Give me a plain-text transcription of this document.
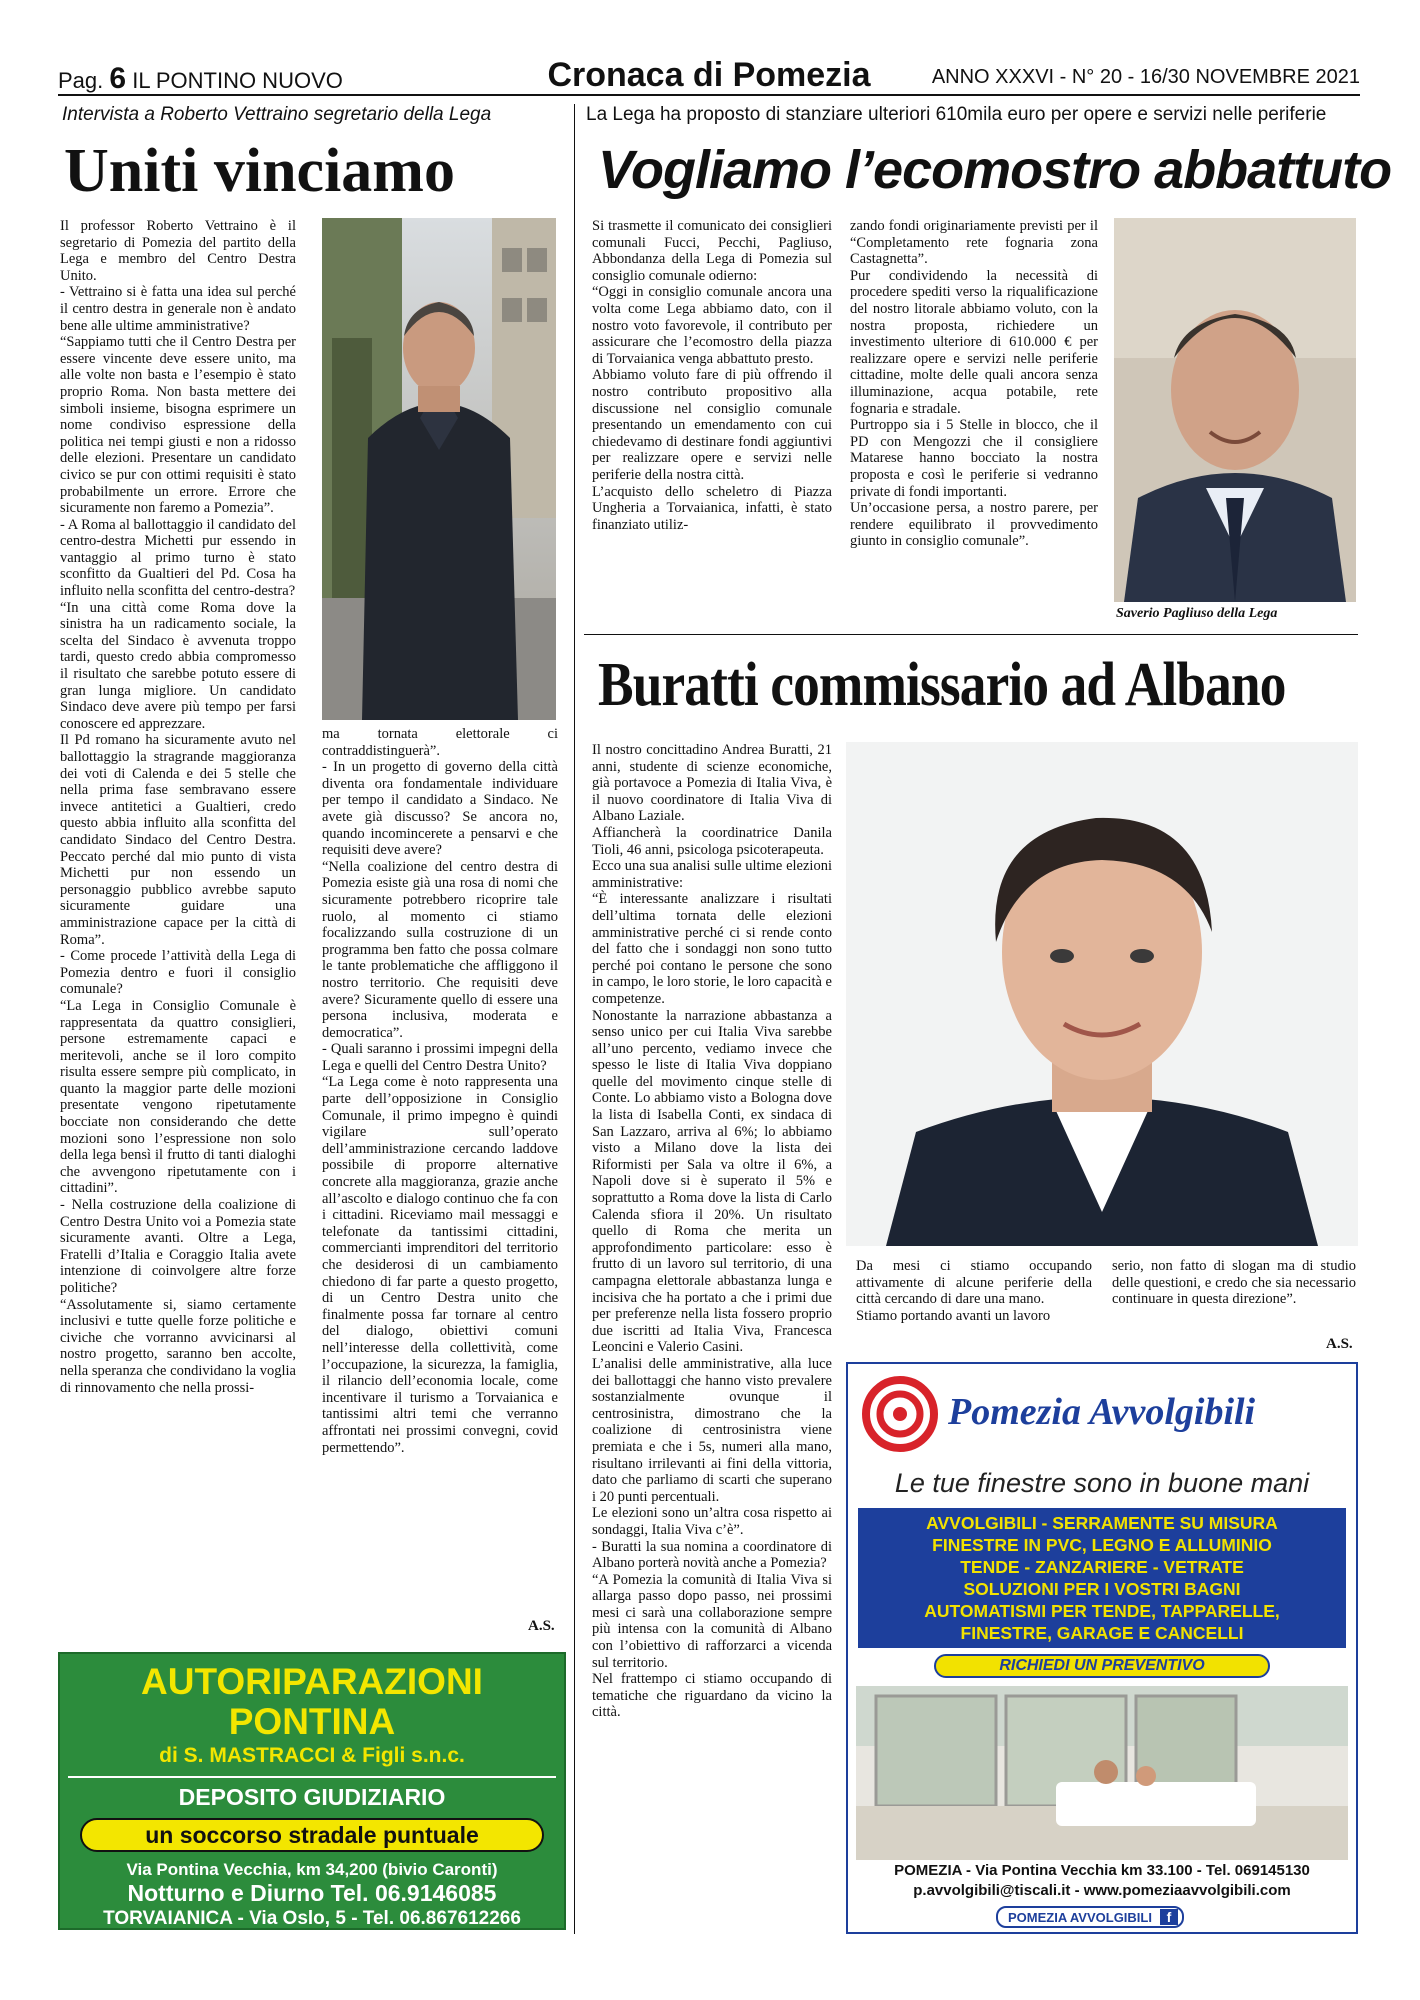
Pag. 6 IL PONTINO NUOVO	Cronaca di Pomezia	ANNO XXXVI - N° 20 - 16/30 NOVEMBRE 2021
Intervista a Roberto Vettraino segretario della Lega
Uniti vinciamo
Il professor Roberto Vettraino è il segretario di Pomezia del partito della Lega e membro del Centro Destra Unito.
- Vettraino si è fatta una idea sul perché il centro destra in generale non è andato bene alle ultime amministrative?
“Sappiamo tutti che il Centro Destra per essere vincente deve essere unito, ma alle volte non basta e l’esempio è stato proprio Roma. Non basta mettere dei simboli insieme, bisogna esprimere un nome condiviso espressione della politica nei tempi giusti e non a ridosso delle elezioni. Presentare un candidato civico se pur con ottimi requisiti è stato probabilmente un errore. Errore che sicuramente non faremo a Pomezia”.
- A Roma al ballottaggio il candidato del centro-destra Michetti pur essendo in vantaggio al primo turno è stato sconfitto da Gualtieri del Pd. Cosa ha influito nella sconfitta del centro-destra?
“In una città come Roma dove la sinistra ha un radicamento sociale, la scelta del Sindaco è avvenuta troppo tardi, questo credo abbia compromesso il risultato che sarebbe potuto essere di gran lunga migliore. Un candidato Sindaco deve avere più tempo per farsi conoscere ed apprezzare.
Il Pd romano ha sicuramente avuto nel ballottaggio la stragrande maggioranza dei voti di Calenda e dei 5 stelle che nella prima fase sembravano essere invece antitetici a Gualtieri, credo questo abbia influito alla sconfitta del candidato Sindaco del Centro Destra. Peccato perché dal mio punto di vista Michetti pur non essendo un personaggio pubblico avrebbe saputo sicuramente guidare una amministrazione capace per la città di Roma”.
- Come procede l’attività della Lega di Pomezia dentro e fuori il consiglio comunale?
“La Lega in Consiglio Comunale è rappresentata da quattro consiglieri, persone estremamente capaci e meritevoli, anche se il loro compito risulta essere sempre più complicato, in quanto la maggior parte delle mozioni presentate vengono ripetutamente bocciate non considerando che dette mozioni sono l’espressione non solo della lega bensì il frutto di tanti dialoghi che avvengono ripetutamente con i cittadini”.
- Nella costruzione della coalizione di Centro Destra Unito voi a Pomezia state sicuramente avanti. Oltre a Lega, Fratelli d’Italia e Coraggio Italia avete intenzione di coinvolgere altre forze politiche?
“Assolutamente si, siamo certamente inclusivi e tutte quelle forze politiche e civiche che vorranno avvicinarsi al nostro progetto, saranno ben accolte, nella speranza che condividano la voglia di rinnovamento che nella prossi-
ma tornata elettorale ci contraddistinguerà”.
- In un progetto di governo della città diventa ora fondamentale individuare per tempo il candidato a Sindaco. Ne avete già discusso? Se ancora no, quando incomincerete a pensarvi e che requisiti deve avere?
“Nella coalizione del centro destra di Pomezia esiste già una rosa di nomi che sicuramente potrebbero ricoprire tale ruolo, al momento ci stiamo focalizzando sulla costruzione di un programma ben fatto che possa colmare le tante problematiche che affliggono il nostro territorio. Che requisiti deve avere? Sicuramente quello di essere una persona inclusiva, moderata e democratica”.
- Quali saranno i prossimi impegni della Lega e quelli del Centro Destra Unito?
“La Lega come è noto rappresenta una parte dell’opposizione in Consiglio Comunale, il primo impegno è quindi vigilare sull’operato dell’amministrazione cercando laddove possibile di proporre alternative concrete alla maggioranza, grazie anche all’ascolto e dialogo continuo che fa con i cittadini. Riceviamo mail messaggi e telefonate da tantissimi cittadini, commercianti imprenditori del territorio che desiderosi di un cambiamento chiedono di far parte a questo progetto, di un Centro Destra unito che finalmente possa far tornare al centro del dialogo, obiettivi comuni nell’interesse della collettività, come l’occupazione, la sicurezza, la famiglia, il rilancio dell’economia locale, come incentivare il turismo a Torvaianica e tantissimi altri temi che verranno affrontati nei prossimi convegni, covid permettendo”.
A.S.
La Lega ha proposto di stanziare ulteriori 610mila euro per opere e servizi nelle periferie
Vogliamo l’ecomostro abbattuto
Si trasmette il comunicato dei consiglieri comunali Fucci, Pecchi, Pagliuso, Abbondanza della Lega di Pomezia sul consiglio comunale odierno:
“Oggi in consiglio comunale ancora una volta come Lega abbiamo dato, con il nostro voto favorevole, il contributo per assicurare che l’ecomostro della piazza di Torvaianica venga abbattuto presto.
Abbiamo voluto fare di più offrendo il nostro contributo propositivo alla discussione nel consiglio comunale presentando un emendamento con cui chiedevamo di destinare fondi aggiuntivi per realizzare opere e servizi nelle periferie della nostra città.
L’acquisto dello scheletro di Piazza Ungheria a Torvaianica, infatti, è stato finanziato utiliz-
zando fondi originariamente previsti per il “Completamento rete fognaria zona Castagnetta”.
Pur condividendo la necessità di procedere spediti verso la riqualificazione del nostro litorale abbiamo voluto, con la nostra proposta, richiedere un investimento ulteriore di 610.000 € per realizzare opere e servizi nelle periferie cittadine, molte delle quali ancora senza illuminazione, acqua potabile, rete fognaria e stradale.
Purtroppo sia i 5 Stelle in blocco, che il PD con Mengozzi che il consigliere Matarese hanno bocciato la nostra proposta e così le periferie si vedranno private di fondi importanti.
Un’occasione persa, a nostro parere, per rendere equilibrato il provvedimento giunto in consiglio comunale”.
Saverio Pagliuso della Lega
Buratti commissario ad Albano
Il nostro concittadino Andrea Buratti, 21 anni, studente di scienze economiche, già portavoce a Pomezia di Italia Viva, è il nuovo coordinatore di Italia Viva di Albano Laziale.
Affiancherà la coordinatrice Danila Tioli, 46 anni, psicologa psicoterapeuta.
Ecco una sua analisi sulle ultime elezioni amministrative:
“È interessante analizzare i risultati dell’ultima tornata delle elezioni amministrative perché ci si rende conto del fatto che i sondaggi non sono tutto perché poi contano le persone che sono in campo, le loro storie, le loro capacità e competenze.
Nonostante la narrazione abbastanza a senso unico per cui Italia Viva sarebbe all’uno percento, vediamo invece che spesso le liste di Italia Viva doppiano quelle del movimento cinque stelle di Conte. Lo abbiamo visto a Bologna dove la lista di Isabella Conti, ex sindaca di San Lazzaro, arriva al 6%; lo abbiamo visto a Milano dove la lista dei Riformisti per Sala va oltre il 6%, a Napoli dove si è superato il 5% e soprattutto a Roma dove la lista di Carlo Calenda sfiora il 20%. Un risultato quello di Roma che merita un approfondimento particolare: esso è frutto di un lavoro sul territorio, di una campagna elettorale abbastanza lunga e incisiva che ha portato a che i primi due per preferenze nella lista fossero proprio due iscritti ad Italia Viva, Francesca Leoncini e Valerio Casini.
L’analisi delle amministrative, alla luce dei ballottaggi che hanno visto prevalere sostanzialmente ovunque il centrosinistra, dimostrano che la coalizione di centrosinistra viene premiata e che i 5s, numeri alla mano, risultano irrilevanti ai fini della vittoria, dato che parliamo di scarti che superano i 20 punti percentuali.
Le elezioni sono un’altra cosa rispetto ai sondaggi, Italia Viva c’è”.
- Buratti la sua nomina a coordinatore di Albano porterà novità anche a Pomezia?
“A Pomezia la comunità di Italia Viva si allarga passo dopo passo, nei prossimi mesi ci sarà una collaborazione sempre più intensa con la comunità di Albano con l’obiettivo di rafforzarci a vicenda sul territorio.
Nel frattempo ci stiamo occupando di tematiche che riguardano da vicino la città.
Da mesi ci stiamo occupando attivamente di alcune periferie della città cercando di dare una mano.
Stiamo portando avanti un lavoro
serio, non fatto di slogan ma di studio delle questioni, e credo che sia necessario continuare in questa direzione”.
A.S.
AUTORIPARAZIONI
PONTINA
di S. MASTRACCI & Figli s.n.c.
DEPOSITO GIUDIZIARIO
un soccorso stradale puntuale
Via Pontina Vecchia, km 34,200 (bivio Caronti)
Notturno e Diurno Tel. 06.9146085
TORVAIANICA - Via Oslo, 5 - Tel. 06.867612266
Pomezia Avvolgibili
Le tue finestre sono in buone mani
AVVOLGIBILI - SERRAMENTE SU MISURA
FINESTRE IN PVC, LEGNO E ALLUMINIO
TENDE - ZANZARIERE - VETRATE
SOLUZIONI PER I VOSTRI BAGNI
AUTOMATISMI PER TENDE, TAPPARELLE,
FINESTRE, GARAGE E CANCELLI
RICHIEDI UN PREVENTIVO
POMEZIA - Via Pontina Vecchia km 33.100 - Tel. 069145130
p.avvolgibili@tiscali.it - www.pomeziaavvolgibili.com
POMEZIA AVVOLGIBILI	f
